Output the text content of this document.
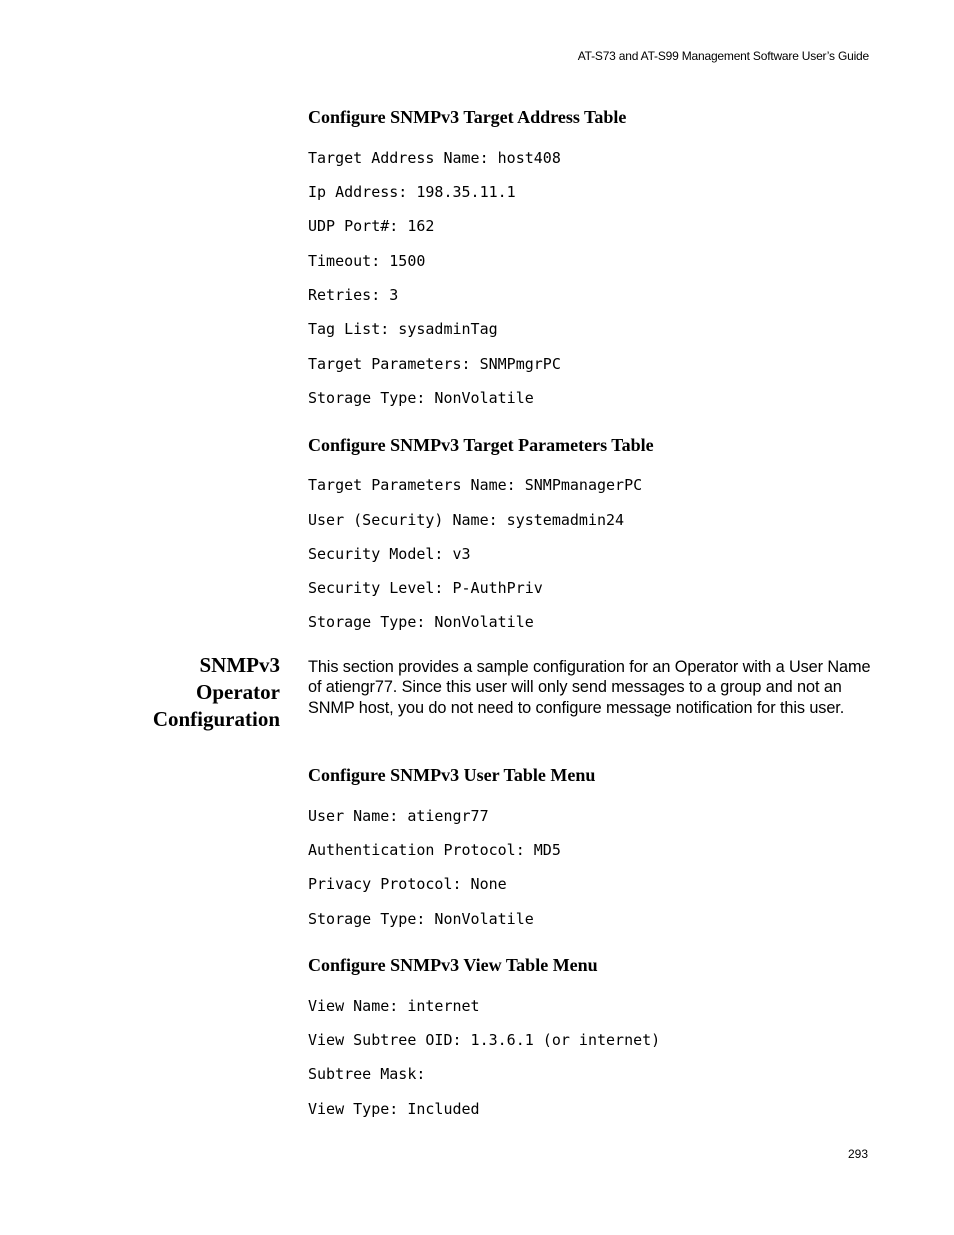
AT-S73 and AT-S99 Management Software User’s Guide
Configure SNMPv3 Target Address Table
Target Address Name: host408
Ip Address: 198.35.11.1
UDP Port#: 162
Timeout: 1500
Retries: 3
Tag List: sysadminTag
Target Parameters: SNMPmgrPC
Storage Type: NonVolatile
Configure SNMPv3 Target Parameters Table
Target Parameters Name: SNMPmanagerPC
User (Security) Name: systemadmin24
Security Model: v3
Security Level: P-AuthPriv
Storage Type: NonVolatile
SNMPv3
Operator
Configuration
This section provides a sample configuration for an Operator with a User Name of atiengr77. Since this user will only send messages to a group and not an SNMP host, you do not need to configure message notification for this user.
Configure SNMPv3 User Table Menu
User Name: atiengr77
Authentication Protocol: MD5
Privacy Protocol: None
Storage Type: NonVolatile
Configure SNMPv3 View Table Menu
View Name: internet
View Subtree OID: 1.3.6.1 (or internet)
Subtree Mask:
View Type: Included
293
